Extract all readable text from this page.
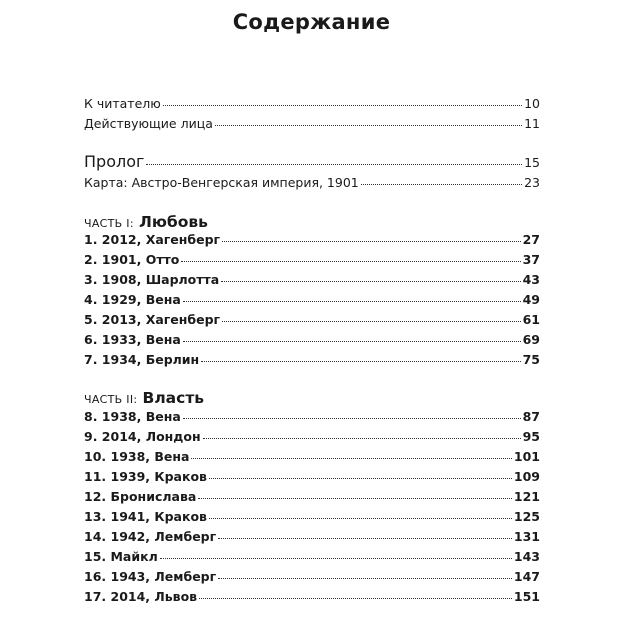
Содержание
К читателю	10
Действующие лица	11
Пролог	15
Карта: Австро-Венгерская империя, 1901	23
ЧАСТЬ I: Любовь
1. 2012, Хагенберг	27
2. 1901, Отто	37
3. 1908, Шарлотта	43
4. 1929, Вена	49
5. 2013, Хагенберг	61
6. 1933, Вена	69
7. 1934, Берлин	75
ЧАСТЬ II: Власть
8. 1938, Вена	87
9. 2014, Лондон	95
10. 1938, Вена	101
11. 1939, Краков	109
12. Бронислава	121
13. 1941, Краков	125
14. 1942, Лемберг	131
15. Майкл	143
16. 1943, Лемберг	147
17. 2014, Львов	151
